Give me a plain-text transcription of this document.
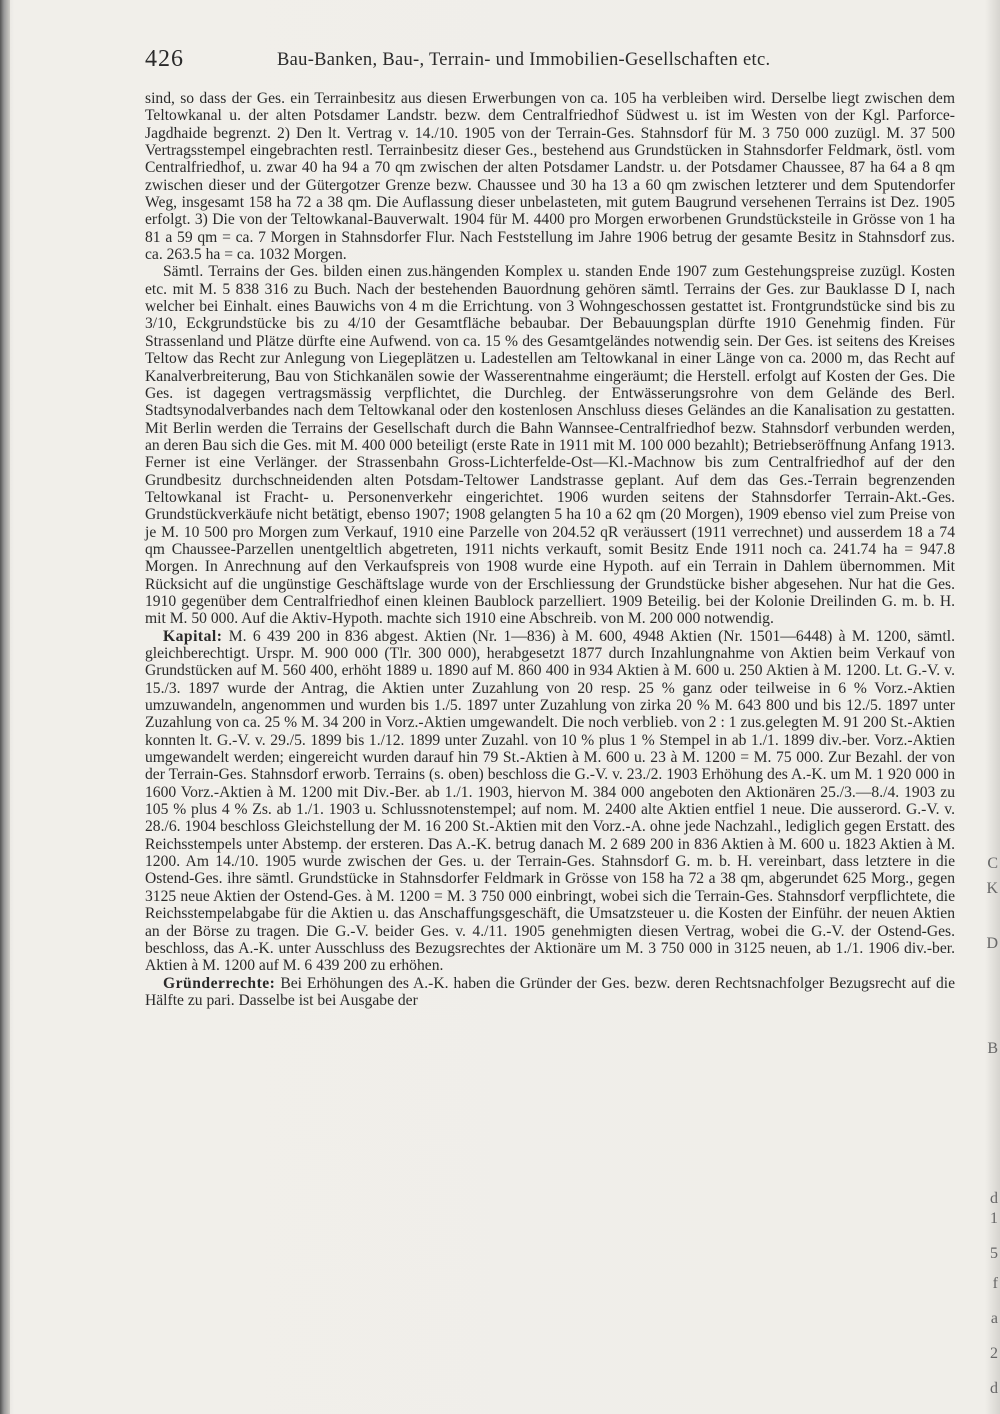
426	Bau-Banken, Bau-, Terrain- und Immobilien-Gesellschaften etc.

sind, so dass der Ges. ein Terrainbesitz aus diesen Erwerbungen von ca. 105 ha verbleiben wird. Derselbe liegt zwischen dem Teltowkanal u. der alten Potsdamer Landstr. bezw. dem Centralfriedhof Südwest u. ist im Westen von der Kgl. Parforce-Jagdhaide begrenzt. 2) Den lt. Vertrag v. 14./10. 1905 von der Terrain-Ges. Stahnsdorf für M. 3 750 000 zuzügl. M. 37 500 Vertragsstempel eingebrachten restl. Terrainbesitz dieser Ges., bestehend aus Grundstücken in Stahnsdorfer Feldmark, östl. vom Centralfriedhof, u. zwar 40 ha 94 a 70 qm zwischen der alten Potsdamer Landstr. u. der Potsdamer Chaussee, 87 ha 64 a 8 qm zwischen dieser und der Gütergotzer Grenze bezw. Chaussee und 30 ha 13 a 60 qm zwischen letzterer und dem Sputendorfer Weg, insgesamt 158 ha 72 a 38 qm. Die Auflassung dieser unbelasteten, mit gutem Baugrund versehenen Terrains ist Dez. 1905 erfolgt. 3) Die von der Teltowkanal-Bauverwalt. 1904 für M. 4400 pro Morgen erworbenen Grundstücksteile in Grösse von 1 ha 81 a 59 qm = ca. 7 Morgen in Stahnsdorfer Flur. Nach Feststellung im Jahre 1906 betrug der gesamte Besitz in Stahnsdorf zus. ca. 263.5 ha = ca. 1032 Morgen.

Sämtl. Terrains der Ges. bilden einen zus.hängenden Komplex u. standen Ende 1907 zum Gestehungspreise zuzügl. Kosten etc. mit M. 5 838 316 zu Buch. Nach der bestehenden Bauordnung gehören sämtl. Terrains der Ges. zur Bauklasse D I, nach welcher bei Einhalt. eines Bauwichs von 4 m die Errichtung. von 3 Wohngeschossen gestattet ist. Frontgrundstücke sind bis zu 3/10, Eckgrundstücke bis zu 4/10 der Gesamtfläche bebaubar. Der Bebauungsplan dürfte 1910 Genehmig finden. Für Strassenland und Plätze dürfte eine Aufwend. von ca. 15 % des Gesamtgeländes notwendig sein. Der Ges. ist seitens des Kreises Teltow das Recht zur Anlegung von Liegeplätzen u. Ladestellen am Teltowkanal in einer Länge von ca. 2000 m, das Recht auf Kanalverbreiterung, Bau von Stichkanälen sowie der Wasserentnahme eingeräumt; die Herstell. erfolgt auf Kosten der Ges. Die Ges. ist dagegen vertragsmässig verpflichtet, die Durchleg. der Entwässerungsrohre von dem Gelände des Berl. Stadtsynodalverbandes nach dem Teltowkanal oder den kostenlosen Anschluss dieses Geländes an die Kanalisation zu gestatten. Mit Berlin werden die Terrains der Gesellschaft durch die Bahn Wannsee-Centralfriedhof bezw. Stahnsdorf verbunden werden, an deren Bau sich die Ges. mit M. 400 000 beteiligt (erste Rate in 1911 mit M. 100 000 bezahlt); Betriebseröffnung Anfang 1913. Ferner ist eine Verlänger. der Strassenbahn Gross-Lichterfelde-Ost—Kl.-Machnow bis zum Centralfriedhof auf der den Grundbesitz durchschneidenden alten Potsdam-Teltower Landstrasse geplant. Auf dem das Ges.-Terrain begrenzenden Teltowkanal ist Fracht- u. Personenverkehr eingerichtet. 1906 wurden seitens der Stahnsdorfer Terrain-Akt.-Ges. Grundstückverkäufe nicht betätigt, ebenso 1907; 1908 gelangten 5 ha 10 a 62 qm (20 Morgen), 1909 ebenso viel zum Preise von je M. 10 500 pro Morgen zum Verkauf, 1910 eine Parzelle von 204.52 qR veräussert (1911 verrechnet) und ausserdem 18 a 74 qm Chaussee-Parzellen unentgeltlich abgetreten, 1911 nichts verkauft, somit Besitz Ende 1911 noch ca. 241.74 ha = 947.8 Morgen. In Anrechnung auf den Verkaufspreis von 1908 wurde eine Hypoth. auf ein Terrain in Dahlem übernommen. Mit Rücksicht auf die ungünstige Geschäftslage wurde von der Erschliessung der Grundstücke bisher abgesehen. Nur hat die Ges. 1910 gegenüber dem Centralfriedhof einen kleinen Baublock parzelliert. 1909 Beteilig. bei der Kolonie Dreilinden G. m. b. H. mit M. 50 000. Auf die Aktiv-Hypoth. machte sich 1910 eine Abschreib. von M. 200 000 notwendig.

Kapital: M. 6 439 200 in 836 abgest. Aktien (Nr. 1—836) à M. 600, 4948 Aktien (Nr. 1501—6448) à M. 1200, sämtl. gleichberechtigt. Urspr. M. 900 000 (Tlr. 300 000), herabgesetzt 1877 durch Inzahlungnahme von Aktien beim Verkauf von Grundstücken auf M. 560 400, erhöht 1889 u. 1890 auf M. 860 400 in 934 Aktien à M. 600 u. 250 Aktien à M. 1200. Lt. G.-V. v. 15./3. 1897 wurde der Antrag, die Aktien unter Zuzahlung von 20 resp. 25 % ganz oder teilweise in 6 % Vorz.-Aktien umzuwandeln, angenommen und wurden bis 1./5. 1897 unter Zuzahlung von zirka 20 % M. 643 800 und bis 12./5. 1897 unter Zuzahlung von ca. 25 % M. 34 200 in Vorz.-Aktien umgewandelt. Die noch verblieb. von 2 : 1 zus.gelegten M. 91 200 St.-Aktien konnten lt. G.-V. v. 29./5. 1899 bis 1./12. 1899 unter Zuzahl. von 10 % plus 1 % Stempel in ab 1./1. 1899 div.-ber. Vorz.-Aktien umgewandelt werden; eingereicht wurden darauf hin 79 St.-Aktien à M. 600 u. 23 à M. 1200 = M. 75 000. Zur Bezahl. der von der Terrain-Ges. Stahnsdorf erworb. Terrains (s. oben) beschloss die G.-V. v. 23./2. 1903 Erhöhung des A.-K. um M. 1 920 000 in 1600 Vorz.-Aktien à M. 1200 mit Div.-Ber. ab 1./1. 1903, hiervon M. 384 000 angeboten den Aktionären 25./3.—8./4. 1903 zu 105 % plus 4 % Zs. ab 1./1. 1903 u. Schlussnotenstempel; auf nom. M. 2400 alte Aktien entfiel 1 neue. Die ausserord. G.-V. v. 28./6. 1904 beschloss Gleichstellung der M. 16 200 St.-Aktien mit den Vorz.-A. ohne jede Nachzahl., lediglich gegen Erstatt. des Reichsstempels unter Abstemp. der ersteren. Das A.-K. betrug danach M. 2 689 200 in 836 Aktien à M. 600 u. 1823 Aktien à M. 1200. Am 14./10. 1905 wurde zwischen der Ges. u. der Terrain-Ges. Stahnsdorf G. m. b. H. vereinbart, dass letztere in die Ostend-Ges. ihre sämtl. Grundstücke in Stahnsdorfer Feldmark in Grösse von 158 ha 72 a 38 qm, abgerundet 625 Morg., gegen 3125 neue Aktien der Ostend-Ges. à M. 1200 = M. 3 750 000 einbringt, wobei sich die Terrain-Ges. Stahnsdorf verpflichtete, die Reichsstempelabgabe für die Aktien u. das Anschaffungsgeschäft, die Umsatzsteuer u. die Kosten der Einführ. der neuen Aktien an der Börse zu tragen. Die G.-V. beider Ges. v. 4./11. 1905 genehmigten diesen Vertrag, wobei die G.-V. der Ostend-Ges. beschloss, das A.-K. unter Ausschluss des Bezugsrechtes der Aktionäre um M. 3 750 000 in 3125 neuen, ab 1./1. 1906 div.-ber. Aktien à M. 1200 auf M. 6 439 200 zu erhöhen.

Gründerrechte: Bei Erhöhungen des A.-K. haben die Gründer der Ges. bezw. deren Rechtsnachfolger Bezugsrecht auf die Hälfte zu pari. Dasselbe ist bei Ausgabe der

C
K
D
B
d
1
5
f
a
2
d
